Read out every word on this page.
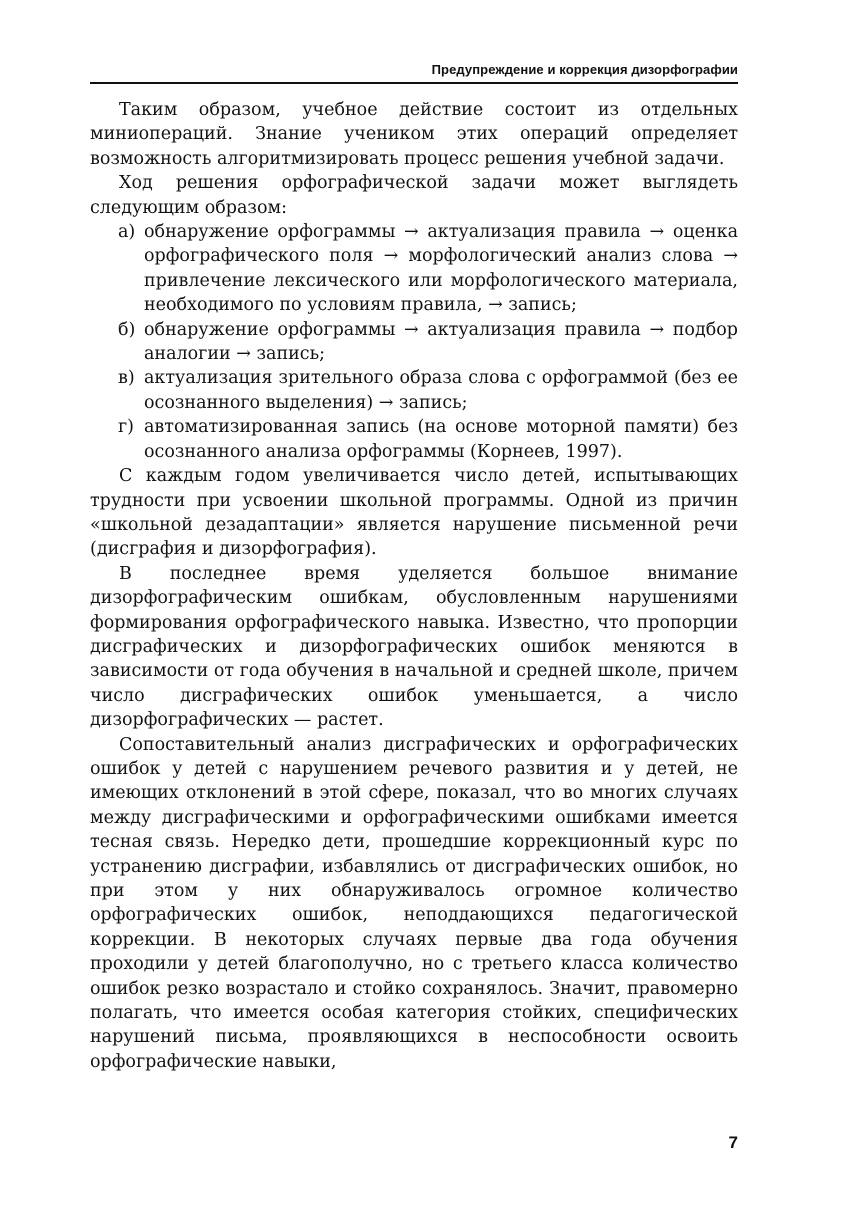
Предупреждение и коррекция дизорфографии

Таким образом, учебное действие состоит из отдельных миниопераций. Знание учеником этих операций определяет возможность алгоритмизировать процесс решения учебной задачи.

Ход решения орфографической задачи может выглядеть следующим образом:

а) обнаружение орфограммы → актуализация правила → оценка орфографического поля → морфологический анализ слова → привлечение лексического или морфологического материала, необходимого по условиям правила, → запись;
б) обнаружение орфограммы → актуализация правила → подбор аналогии → запись;
в) актуализация зрительного образа слова с орфограммой (без ее осознанного выделения) → запись;
г) автоматизированная запись (на основе моторной памяти) без осознанного анализа орфограммы (Корнеев, 1997).

С каждым годом увеличивается число детей, испытывающих трудности при усвоении школьной программы. Одной из причин «школьной дезадаптации» является нарушение письменной речи (дисграфия и дизорфография).

В последнее время уделяется большое внимание дизорфографическим ошибкам, обусловленным нарушениями формирования орфографического навыка. Известно, что пропорции дисграфических и дизорфографических ошибок меняются в зависимости от года обучения в начальной и средней школе, причем число дисграфических ошибок уменьшается, а число дизорфографических — растет.

Сопоставительный анализ дисграфических и орфографических ошибок у детей с нарушением речевого развития и у детей, не имеющих отклонений в этой сфере, показал, что во многих случаях между дисграфическими и орфографическими ошибками имеется тесная связь. Нередко дети, прошедшие коррекционный курс по устранению дисграфии, избавлялись от дисграфических ошибок, но при этом у них обнаруживалось огромное количество орфографических ошибок, неподдающихся педагогической коррекции. В некоторых случаях первые два года обучения проходили у детей благополучно, но с третьего класса количество ошибок резко возрастало и стойко сохранялось. Значит, правомерно полагать, что имеется особая категория стойких, специфических нарушений письма, проявляющихся в неспособности освоить орфографические навыки,

7
